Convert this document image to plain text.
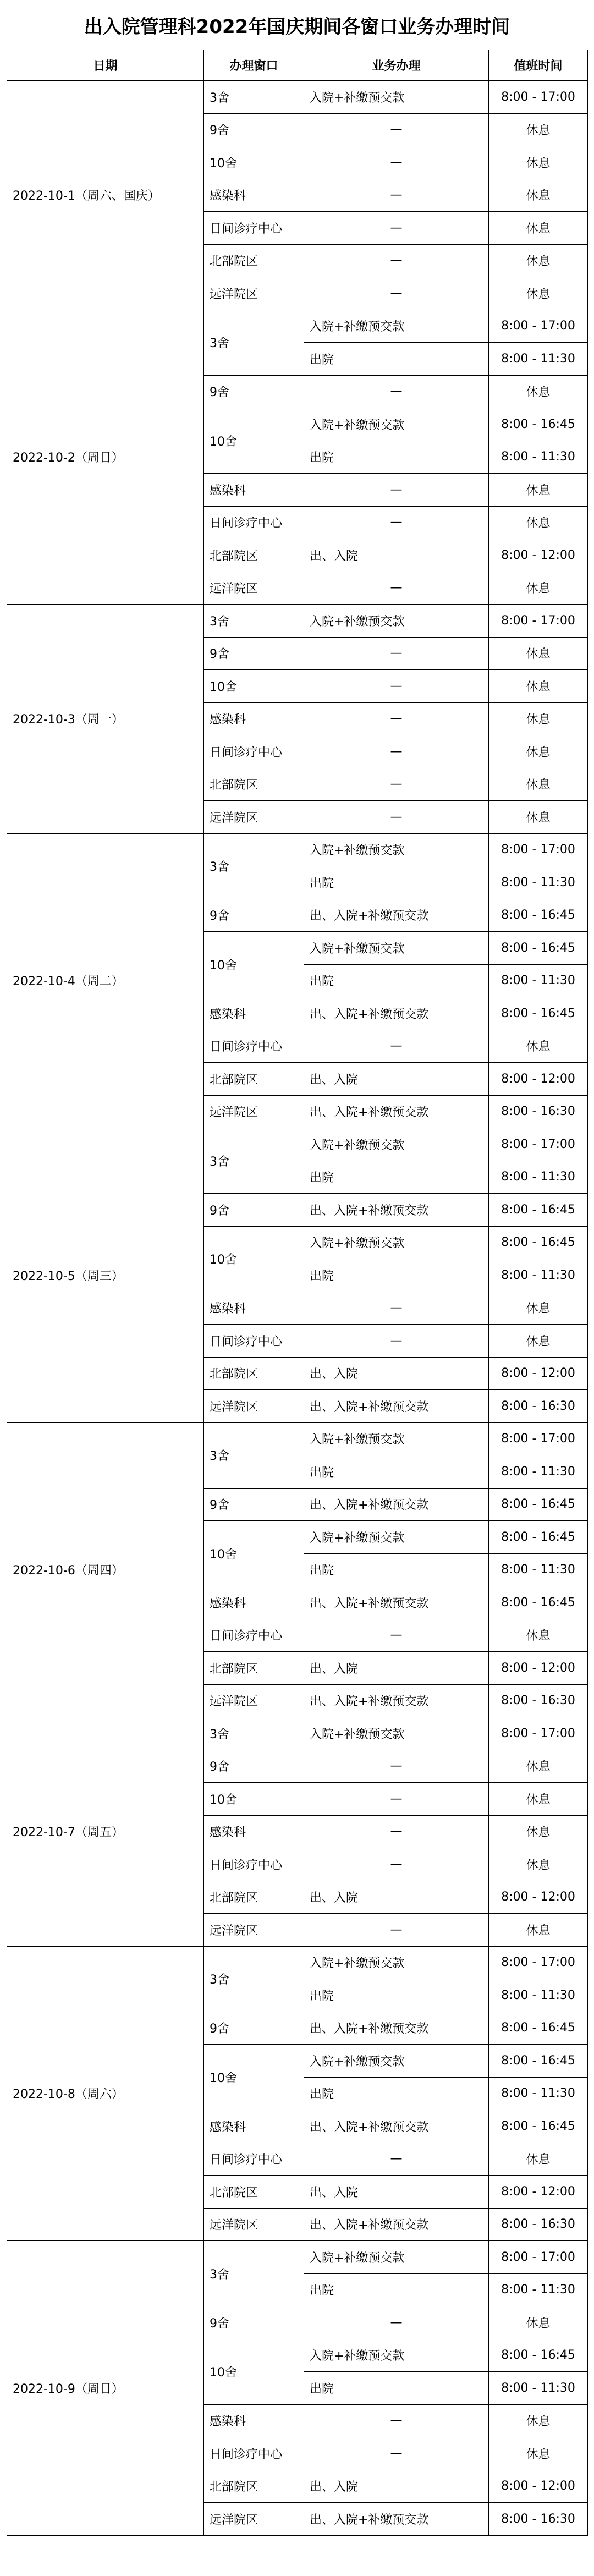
出入院管理科2022年国庆期间各窗口业务办理时间
日期	办理窗口	业务办理	值班时间
2022-10-1（周六、国庆）	3舍	入院+补缴预交款	8:00 - 17:00
	9舍	—	休息
	10舍	—	休息
	感染科	—	休息
	日间诊疗中心	—	休息
	北部院区	—	休息
	远洋院区	—	休息
2022-10-2（周日）	3舍	入院+补缴预交款	8:00 - 17:00
		出院	8:00 - 11:30
	9舍	—	休息
	10舍	入院+补缴预交款	8:00 - 16:45
		出院	8:00 - 11:30
	感染科	—	休息
	日间诊疗中心	—	休息
	北部院区	出、入院	8:00 - 12:00
	远洋院区	—	休息
2022-10-3（周一）	3舍	入院+补缴预交款	8:00 - 17:00
	9舍	—	休息
	10舍	—	休息
	感染科	—	休息
	日间诊疗中心	—	休息
	北部院区	—	休息
	远洋院区	—	休息
2022-10-4（周二）	3舍	入院+补缴预交款	8:00 - 17:00
		出院	8:00 - 11:30
	9舍	出、入院+补缴预交款	8:00 - 16:45
	10舍	入院+补缴预交款	8:00 - 16:45
		出院	8:00 - 11:30
	感染科	出、入院+补缴预交款	8:00 - 16:45
	日间诊疗中心	—	休息
	北部院区	出、入院	8:00 - 12:00
	远洋院区	出、入院+补缴预交款	8:00 - 16:30
2022-10-5（周三）	3舍	入院+补缴预交款	8:00 - 17:00
		出院	8:00 - 11:30
	9舍	出、入院+补缴预交款	8:00 - 16:45
	10舍	入院+补缴预交款	8:00 - 16:45
		出院	8:00 - 11:30
	感染科	—	休息
	日间诊疗中心	—	休息
	北部院区	出、入院	8:00 - 12:00
	远洋院区	出、入院+补缴预交款	8:00 - 16:30
2022-10-6（周四）	3舍	入院+补缴预交款	8:00 - 17:00
		出院	8:00 - 11:30
	9舍	出、入院+补缴预交款	8:00 - 16:45
	10舍	入院+补缴预交款	8:00 - 16:45
		出院	8:00 - 11:30
	感染科	出、入院+补缴预交款	8:00 - 16:45
	日间诊疗中心	—	休息
	北部院区	出、入院	8:00 - 12:00
	远洋院区	出、入院+补缴预交款	8:00 - 16:30
2022-10-7（周五）	3舍	入院+补缴预交款	8:00 - 17:00
	9舍	—	休息
	10舍	—	休息
	感染科	—	休息
	日间诊疗中心	—	休息
	北部院区	出、入院	8:00 - 12:00
	远洋院区	—	休息
2022-10-8（周六）	3舍	入院+补缴预交款	8:00 - 17:00
		出院	8:00 - 11:30
	9舍	出、入院+补缴预交款	8:00 - 16:45
	10舍	入院+补缴预交款	8:00 - 16:45
		出院	8:00 - 11:30
	感染科	出、入院+补缴预交款	8:00 - 16:45
	日间诊疗中心	—	休息
	北部院区	出、入院	8:00 - 12:00
	远洋院区	出、入院+补缴预交款	8:00 - 16:30
2022-10-9（周日）	3舍	入院+补缴预交款	8:00 - 17:00
		出院	8:00 - 11:30
	9舍	—	休息
	10舍	入院+补缴预交款	8:00 - 16:45
		出院	8:00 - 11:30
	感染科	—	休息
	日间诊疗中心	—	休息
	北部院区	出、入院	8:00 - 12:00
	远洋院区	出、入院+补缴预交款	8:00 - 16:30
